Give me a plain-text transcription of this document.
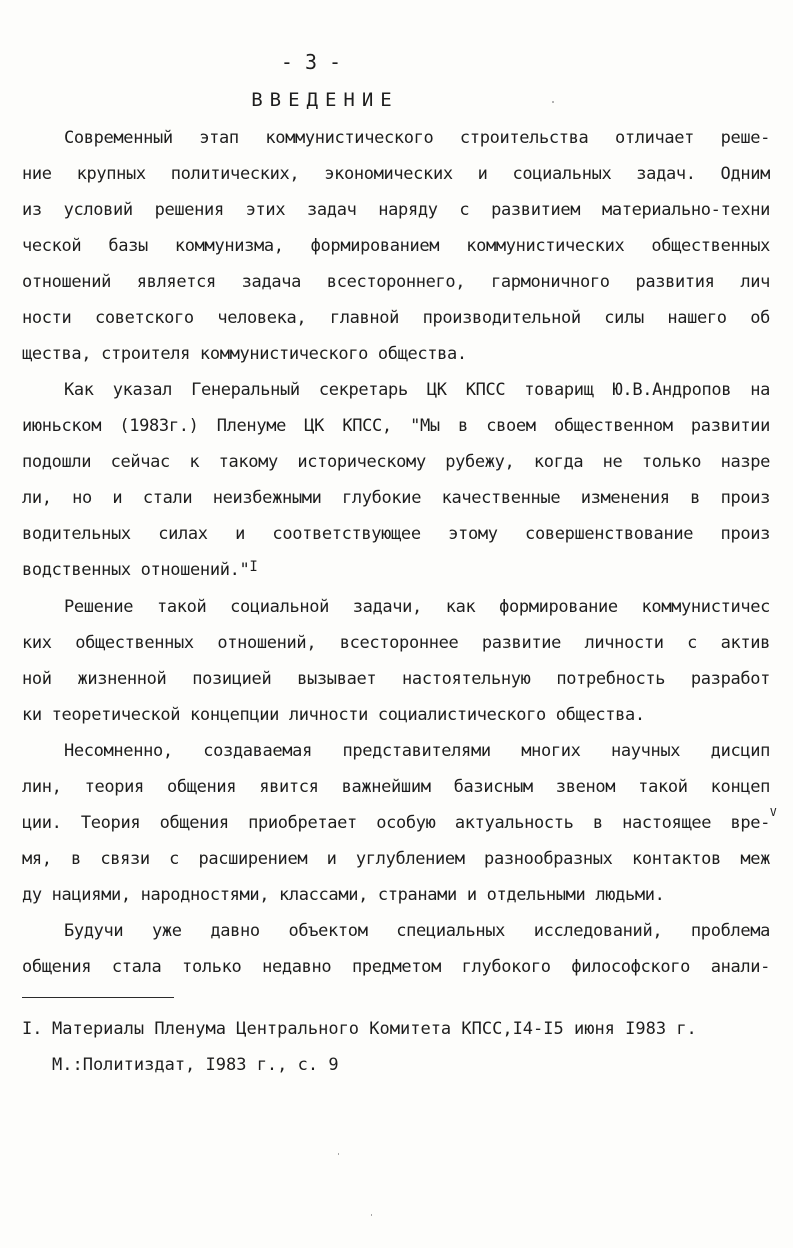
- 3 -
ВВЕДЕНИЕ
Современный этап коммунистического строительства отличает реше-
ние крупных политических, экономических и социальных задач. Одним
из условий решения этих задач наряду с развитием материально-техни
ческой базы коммунизма, формированием коммунистических общественных
отношений является задача всестороннего, гармоничного развития лич
ности советского человека, главной производительной силы нашего об
щества, строителя коммунистического общества.
Как указал Генеральный секретарь ЦК КПСС товарищ Ю.В.Андропов на
июньском (1983г.) Пленуме ЦК КПСС, "Мы в своем общественном развитии
подошли сейчас к такому историческому рубежу, когда не только назре
ли, но и стали неизбежными глубокие качественные изменения в произ
водительных силах и соответствующее этому совершенствование произ
водственных отношений."$^I$
Решение такой социальной задачи, как формирование коммунистичес
ких общественных отношений, всестороннее развитие личности с актив
ной жизненной позицией вызывает настоятельную потребность разработ
ки теоретической концепции личности социалистического общества.
Несомненно, создаваемая представителями многих научных дисцип
лин, теория общения явится важнейшим базисным звеном такой концеп
ции. Теория общения приобретает особую актуальность в настоящее вре-
V
мя, в связи с расширением и углублением разнообразных контактов меж
ду нациями, народностями, классами, странами и отдельными людьми.
Будучи уже давно объектом специальных исследований, проблема
общения стала только недавно предметом глубокого философского анали-
I. Материалы Пленума Центрального Комитета КПСС,I4-I5 июня I983 г.
М.:Политиздат, I983 г., с. 9
